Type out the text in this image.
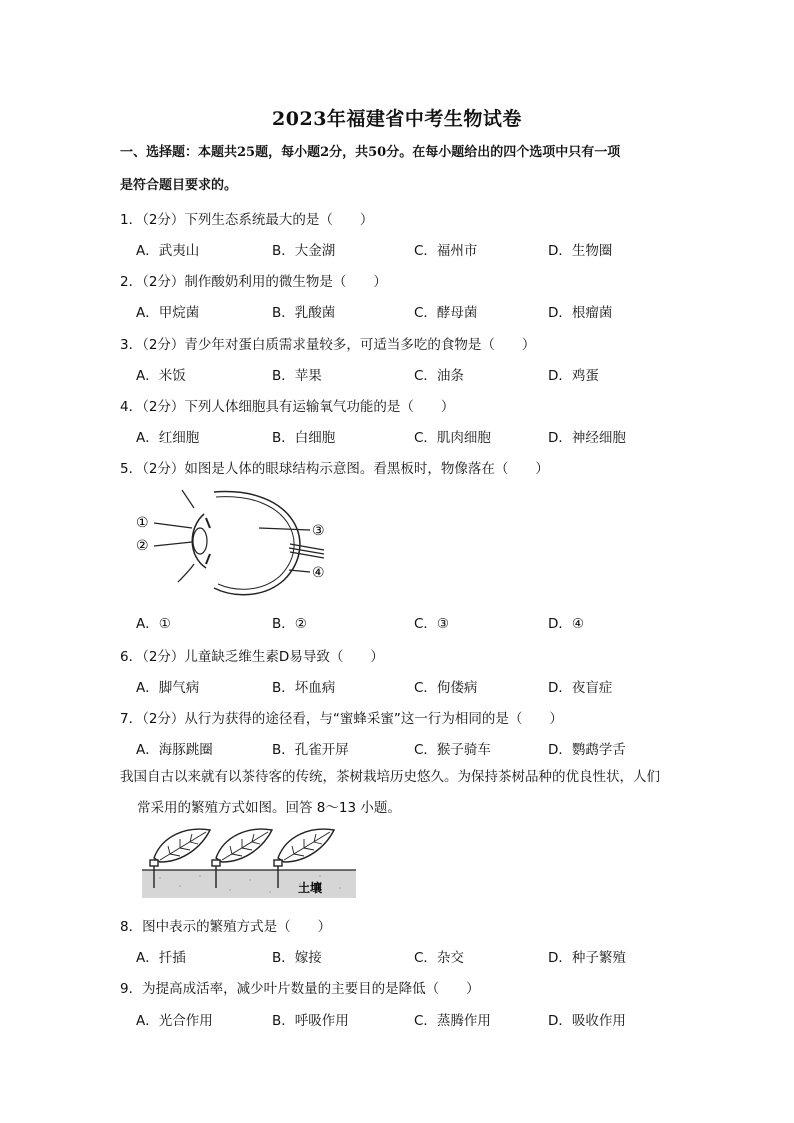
2023年福建省中考生物试卷
一、选择题：本题共25题，每小题2分，共50分。在每小题给出的四个选项中只有一项
是符合题目要求的。
1．（2分）下列生态系统最大的是（　　）
A．武夷山	B．大金湖	C．福州市	D．生物圈
2．（2分）制作酸奶利用的微生物是（　　）
A．甲烷菌	B．乳酸菌	C．酵母菌	D．根瘤菌
3．（2分）青少年对蛋白质需求量较多，可适当多吃的食物是（　　）
A．米饭	B．苹果	C．油条	D．鸡蛋
4．（2分）下列人体细胞具有运输氧气功能的是（　　）
A．红细胞	B．白细胞	C．肌肉细胞	D．神经细胞
5．（2分）如图是人体的眼球结构示意图。看黑板时，物像落在（　　）
①
②
③
④
A．①	B．②	C．③	D．④
6．（2分）儿童缺乏维生素D易导致（　　）
A．脚气病	B．坏血病	C．佝偻病	D．夜盲症
7．（2分）从行为获得的途径看，与“蜜蜂采蜜”这一行为相同的是（　　）
A．海豚跳圈	B．孔雀开屏	C．猴子骑车	D．鹦鹉学舌

我国自古以来就有以茶待客的传统，茶树栽培历史悠久。为保持茶树品种的优良性状，人们

常采用的繁殖方式如图。回答 8～13 小题。

土壤
8．图中表示的繁殖方式是（　　）
A．扦插	B．嫁接	C．杂交	D．种子繁殖
9．为提高成活率，减少叶片数量的主要目的是降低（　　）
A．光合作用	B．呼吸作用	C．蒸腾作用	D．吸收作用
